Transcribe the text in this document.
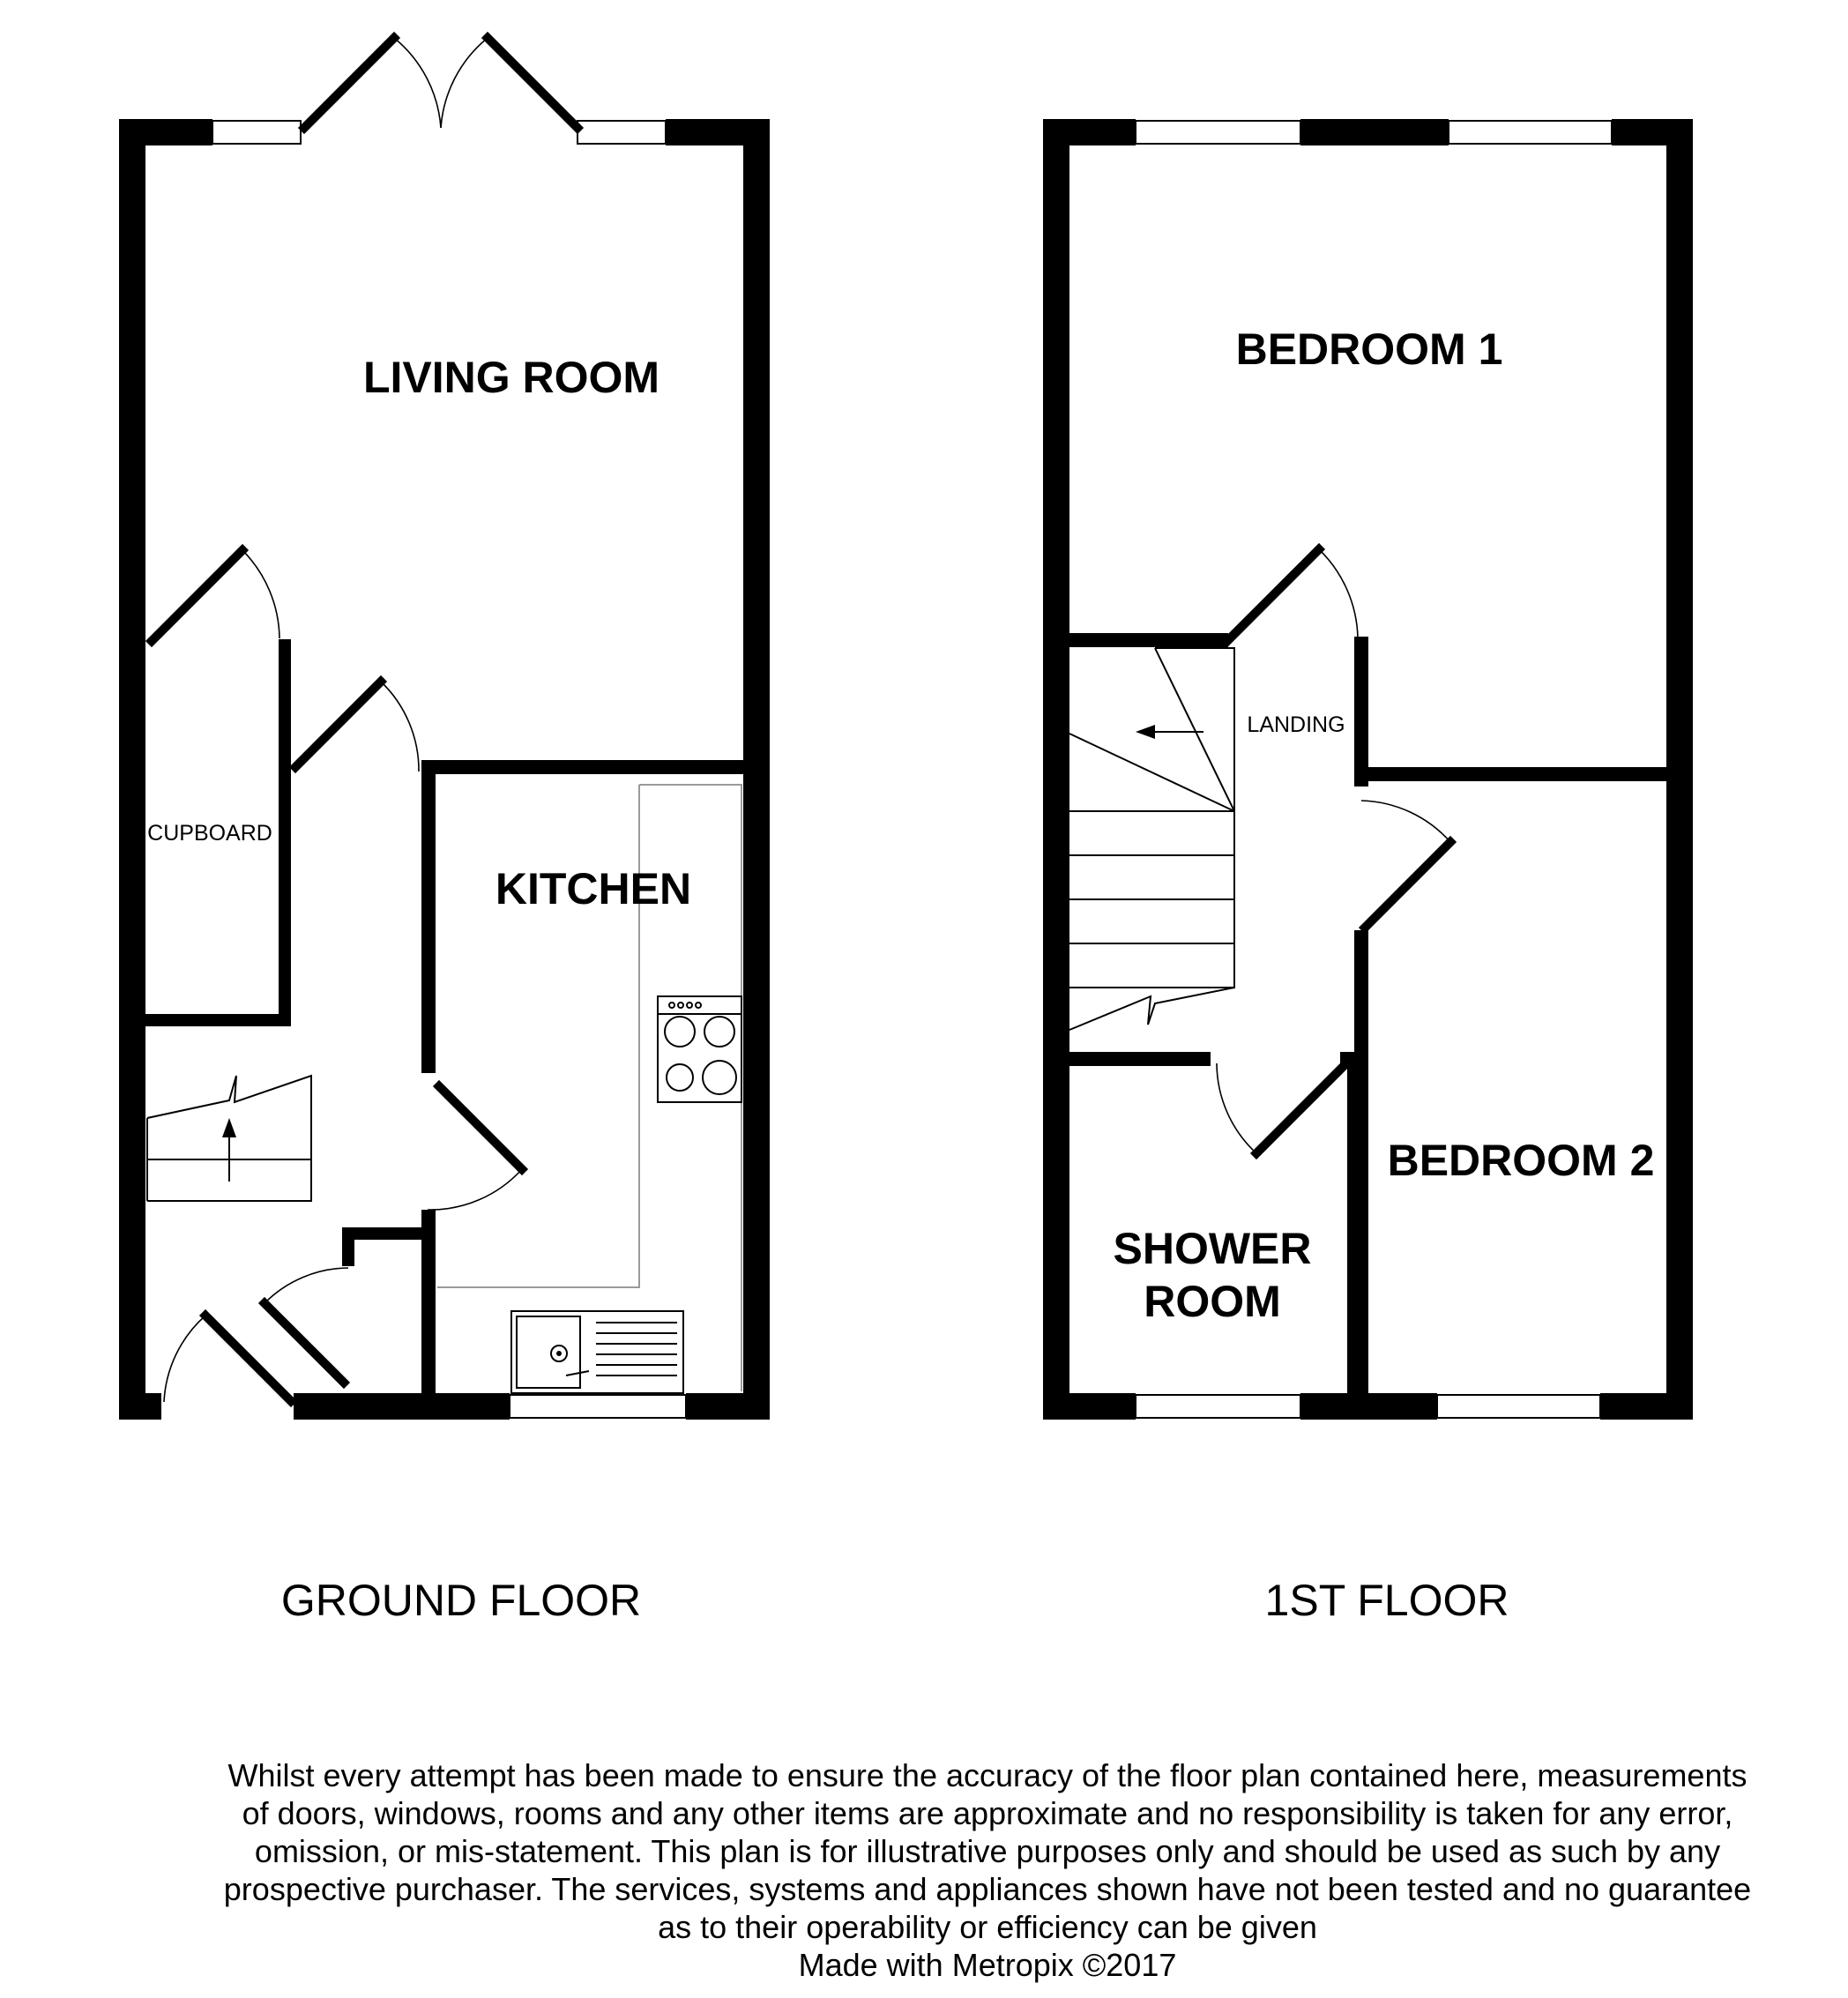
LIVING ROOM
KITCHEN
CUPBOARD
GROUND FLOOR
BEDROOM 1
LANDING
SHOWER
ROOM
BEDROOM 2
1ST FLOOR

Whilst every attempt has been made to ensure the accuracy of the floor plan contained here, measurements

of doors, windows, rooms and any other items are approximate and no responsibility is taken for any error,

omission, or mis-statement. This plan is for illustrative purposes only and should be used as such by any

prospective purchaser. The services, systems and appliances shown have not been tested and no guarantee

as to their operability or efficiency can be given

Made with Metropix ©2017
